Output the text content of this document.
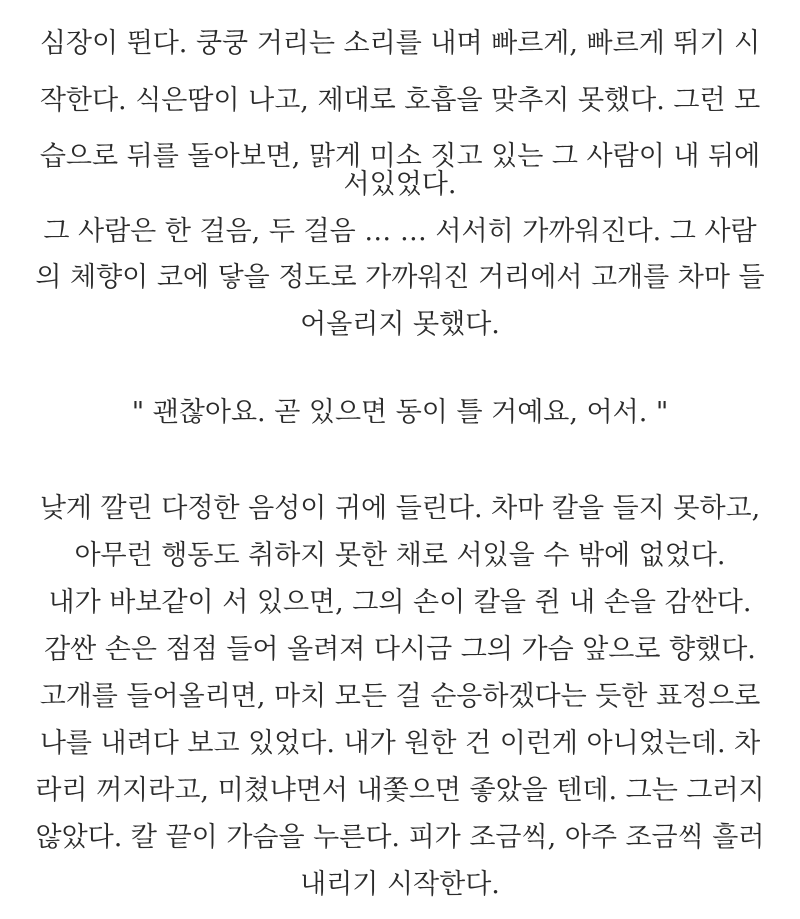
심장이 뛴다. 쿵쿵 거리는 소리를 내며 빠르게, 빠르게 뛰기 시
작한다. 식은땀이 나고, 제대로 호흡을 맞추지 못했다. 그런 모
습으로 뒤를 돌아보면, 맑게 미소 짓고 있는 그 사람이 내 뒤에
서있었다.
그 사람은 한 걸음, 두 걸음 … … 서서히 가까워진다. 그 사람
의 체향이 코에 닿을 정도로 가까워진 거리에서 고개를 차마 들
어올리지 못했다.
" 괜찮아요. 곧 있으면 동이 틀 거예요, 어서. "
낮게 깔린 다정한 음성이 귀에 들린다. 차마 칼을 들지 못하고,
아무런 행동도 취하지 못한 채로 서있을 수 밖에 없었다.
내가 바보같이 서 있으면, 그의 손이 칼을 쥔 내 손을 감싼다.
감싼 손은 점점 들어 올려져 다시금 그의 가슴 앞으로 향했다.
고개를 들어올리면, 마치 모든 걸 순응하겠다는 듯한 표정으로
나를 내려다 보고 있었다. 내가 원한 건 이런게 아니었는데. 차
라리 꺼지라고, 미쳤냐면서 내쫓으면 좋았을 텐데. 그는 그러지
않았다. 칼 끝이 가슴을 누른다. 피가 조금씩, 아주 조금씩 흘러
내리기 시작한다.
